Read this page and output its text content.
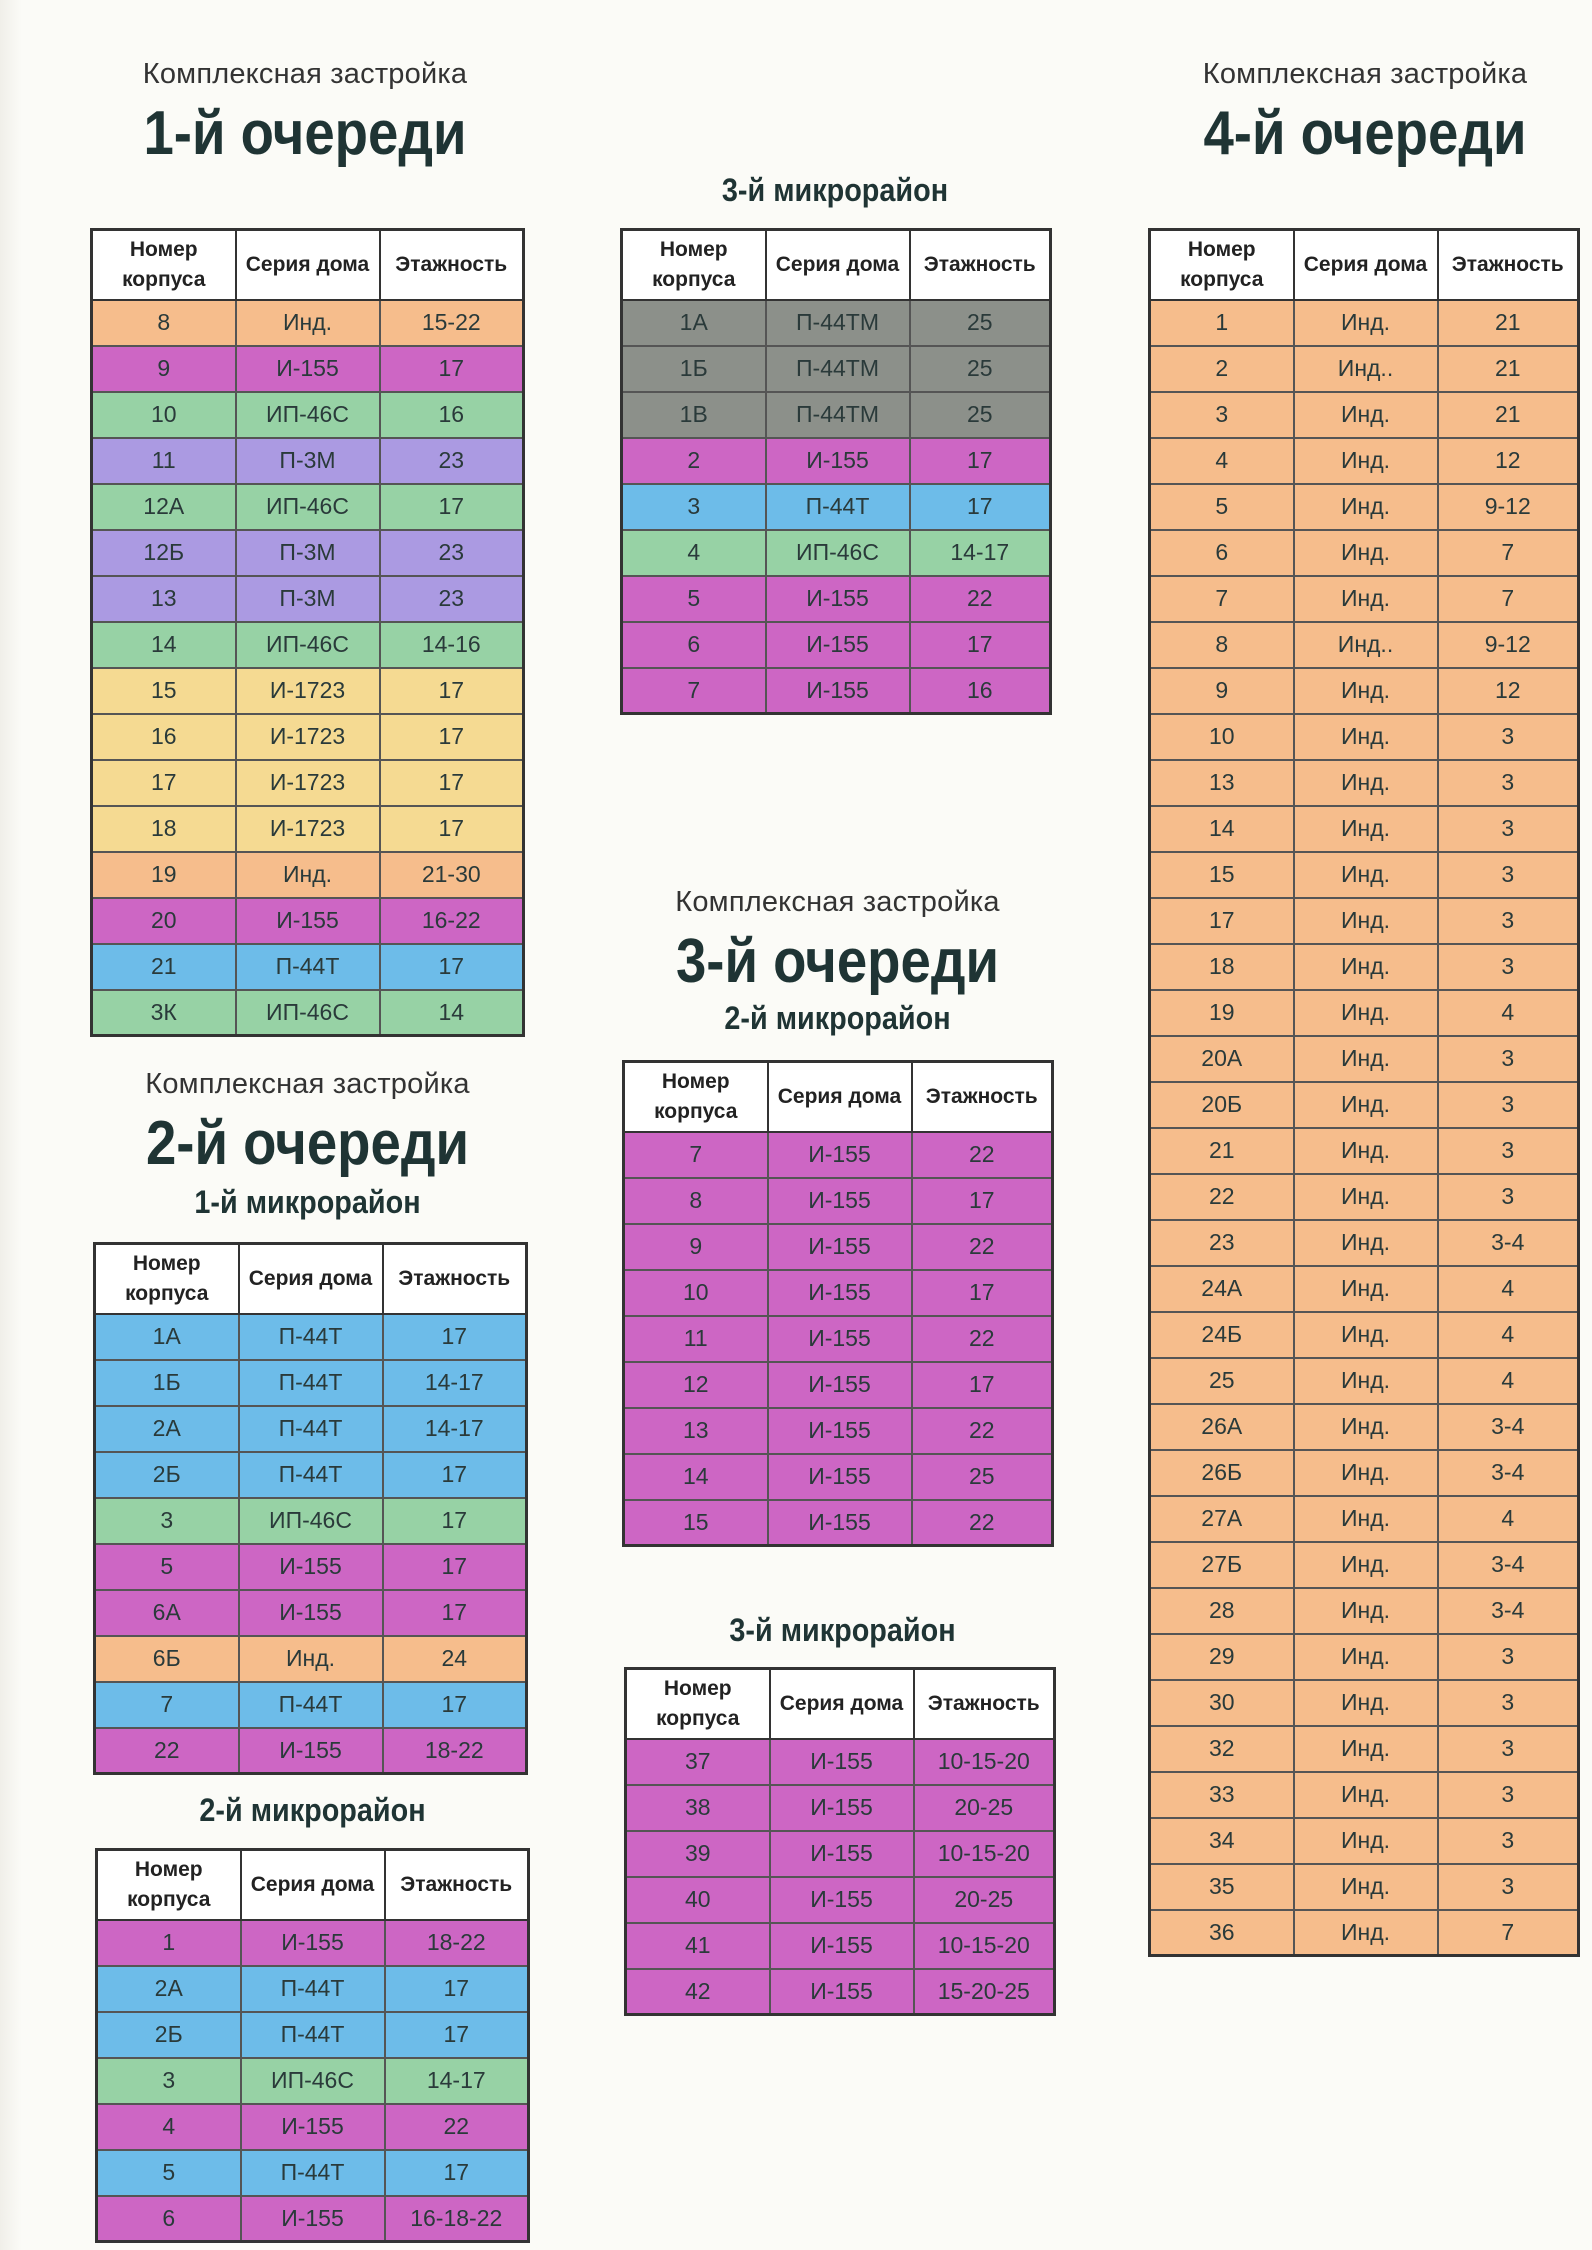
Комплексная застройка
1-й очереди
Номер корпуса	Серия дома	Этажность
8	Инд.	15-22
9	И-155	17
10	ИП-46С	16
11	П-3М	23
12А	ИП-46С	17
12Б	П-3М	23
13	П-3М	23
14	ИП-46С	14-16
15	И-1723	17
16	И-1723	17
17	И-1723	17
18	И-1723	17
19	Инд.	21-30
20	И-155	16-22
21	П-44Т	17
3К	ИП-46С	14
Комплексная застройка
2-й очереди
1-й микрорайон
Номер корпуса	Серия дома	Этажность
1А	П-44Т	17
1Б	П-44Т	14-17
2А	П-44Т	14-17
2Б	П-44Т	17
3	ИП-46С	17
5	И-155	17
6А	И-155	17
6Б	Инд.	24
7	П-44Т	17
22	И-155	18-22
2-й микрорайон
Номер корпуса	Серия дома	Этажность
1	И-155	18-22
2А	П-44Т	17
2Б	П-44Т	17
3	ИП-46С	14-17
4	И-155	22
5	П-44Т	17
6	И-155	16-18-22
3-й микрорайон
Номер корпуса	Серия дома	Этажность
1А	П-44ТМ	25
1Б	П-44ТМ	25
1В	П-44ТМ	25
2	И-155	17
3	П-44Т	17
4	ИП-46С	14-17
5	И-155	22
6	И-155	17
7	И-155	16
Комплексная застройка
3-й очереди
2-й микрорайон
Номер корпуса	Серия дома	Этажность
7	И-155	22
8	И-155	17
9	И-155	22
10	И-155	17
11	И-155	22
12	И-155	17
13	И-155	22
14	И-155	25
15	И-155	22
3-й микрорайон
Номер корпуса	Серия дома	Этажность
37	И-155	10-15-20
38	И-155	20-25
39	И-155	10-15-20
40	И-155	20-25
41	И-155	10-15-20
42	И-155	15-20-25
Комплексная застройка
4-й очереди
Номер корпуса	Серия дома	Этажность
1	Инд.	21
2	Инд..	21
3	Инд.	21
4	Инд.	12
5	Инд.	9-12
6	Инд.	7
7	Инд.	7
8	Инд..	9-12
9	Инд.	12
10	Инд.	3
13	Инд.	3
14	Инд.	3
15	Инд.	3
17	Инд.	3
18	Инд.	3
19	Инд.	4
20А	Инд.	3
20Б	Инд.	3
21	Инд.	3
22	Инд.	3
23	Инд.	3-4
24А	Инд.	4
24Б	Инд.	4
25	Инд.	4
26А	Инд.	3-4
26Б	Инд.	3-4
27А	Инд.	4
27Б	Инд.	3-4
28	Инд.	3-4
29	Инд.	3
30	Инд.	3
32	Инд.	3
33	Инд.	3
34	Инд.	3
35	Инд.	3
36	Инд.	7
